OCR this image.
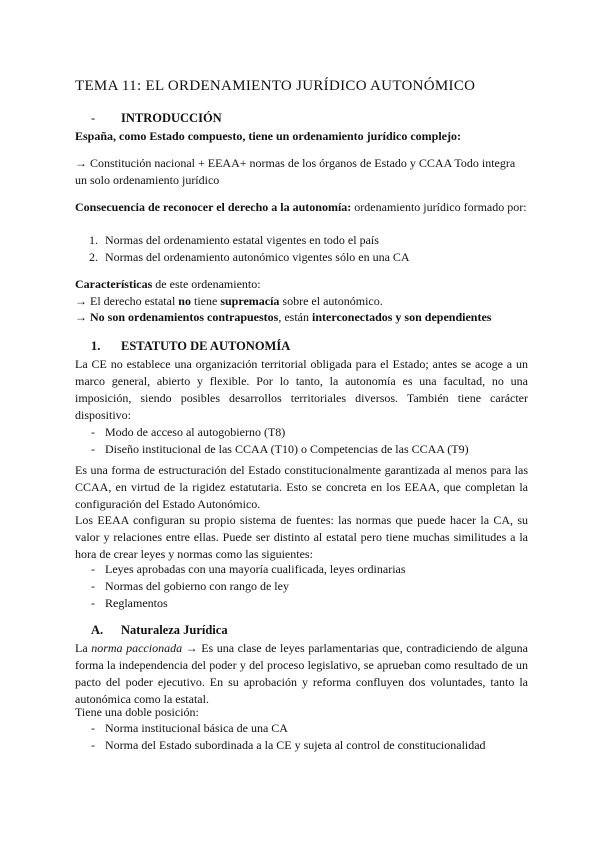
TEMA 11: EL ORDENAMIENTO JURÍDICO AUTONÓMICO
- INTRODUCCIÓN
España, como Estado compuesto, tiene un ordenamiento jurídico complejo:
→ Constitución nacional + EEAA+ normas de los órganos de Estado y CCAA Todo integra un solo ordenamiento jurídico
Consecuencia de reconocer el derecho a la autonomía: ordenamiento jurídico formado por:
1. Normas del ordenamiento estatal vigentes en todo el país
2. Normas del ordenamiento autonómico vigentes sólo en una CA
Características de este ordenamiento:
→ El derecho estatal no tiene supremacía sobre el autonómico.
→ No son ordenamientos contrapuestos, están interconectados y son dependientes
1. ESTATUTO DE AUTONOMÍA
La CE no establece una organización territorial obligada para el Estado; antes se acoge a un marco general, abierto y flexible. Por lo tanto, la autonomía es una facultad, no una imposición, siendo posibles desarrollos territoriales diversos. También tiene carácter dispositivo:
- Modo de acceso al autogobierno (T8)
- Diseño institucional de las CCAA (T10) o Competencias de las CCAA (T9)
Es una forma de estructuración del Estado constitucionalmente garantizada al menos para las CCAA, en virtud de la rigidez estatutaria. Esto se concreta en los EEAA, que completan la configuración del Estado Autonómico.
Los EEAA configuran su propio sistema de fuentes: las normas que puede hacer la CA, su valor y relaciones entre ellas. Puede ser distinto al estatal pero tiene muchas similitudes a la hora de crear leyes y normas como las siguientes:
- Leyes aprobadas con una mayoría cualificada, leyes ordinarias
- Normas del gobierno con rango de ley
- Reglamentos
A. Naturaleza Jurídica
La norma paccionada → Es una clase de leyes parlamentarias que, contradiciendo de alguna forma la independencia del poder y del proceso legislativo, se aprueban como resultado de un pacto del poder ejecutivo. En su aprobación y reforma confluyen dos voluntades, tanto la autonómica como la estatal.
Tiene una doble posición:
- Norma institucional básica de una CA
- Norma del Estado subordinada a la CE y sujeta al control de constitucionalidad
